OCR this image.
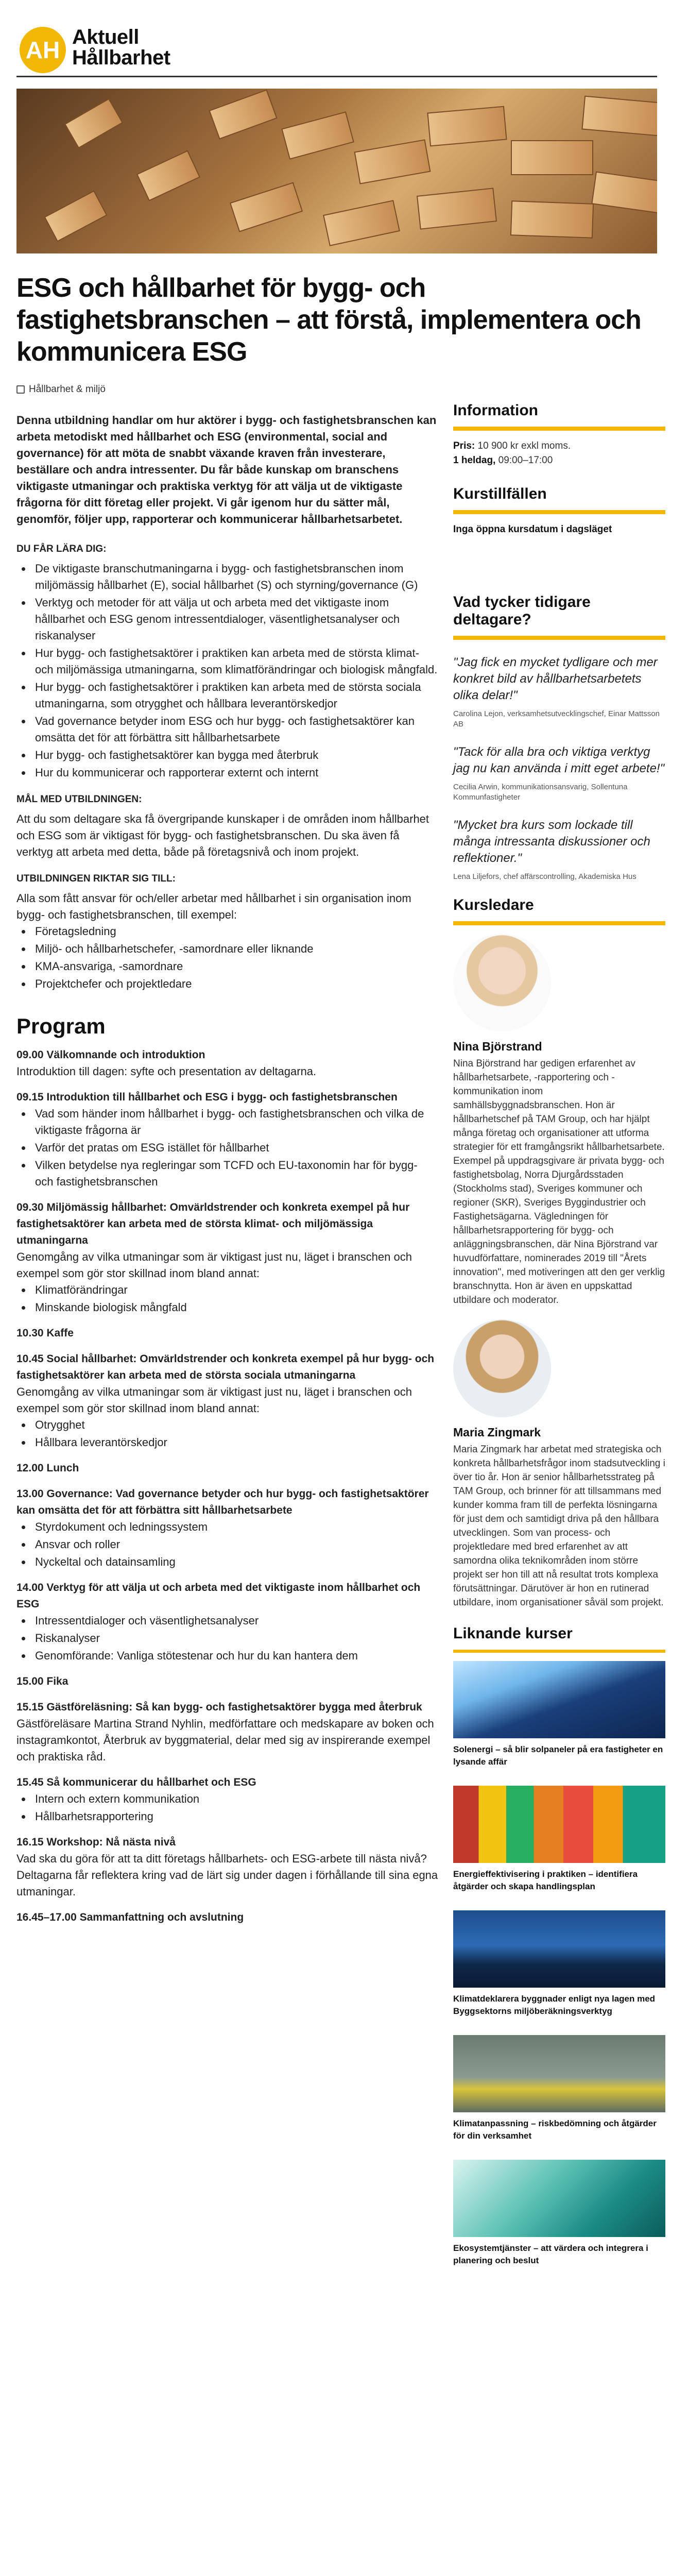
AH Aktuell
Hållbarhet
ESG och hållbarhet för bygg- och fastighetsbranschen – att förstå, implementera och kommunicera ESG
Hållbarhet & miljö

Denna utbildning handlar om hur aktörer i bygg- och fastighetsbranschen kan arbeta metodiskt med hållbarhet och ESG (environmental, social and governance) för att möta de snabbt växande kraven från investerare, beställare och andra intressenter. Du får både kunskap om branschens viktigaste utmaningar och praktiska verktyg för att välja ut de viktigaste frågorna för ditt företag eller projekt. Vi går igenom hur du sätter mål, genomför, följer upp, rapporterar och kommunicerar hållbarhetsarbetet.

DU FÅR LÄRA DIG:
• De viktigaste branschutmaningarna i bygg- och fastighetsbranschen inom miljömässig hållbarhet (E), social hållbarhet (S) och styrning/governance (G)
• Verktyg och metoder för att välja ut och arbeta med det viktigaste inom hållbarhet och ESG genom intressentdialoger, väsentlighetsanalyser och riskanalyser
• Hur bygg- och fastighetsaktörer i praktiken kan arbeta med de största klimat- och miljömässiga utmaningarna, som klimatförändringar och biologisk mångfald.
• Hur bygg- och fastighetsaktörer i praktiken kan arbeta med de största sociala utmaningarna, som otrygghet och hållbara leverantörskedjor
• Vad governance betyder inom ESG och hur bygg- och fastighetsaktörer kan omsätta det för att förbättra sitt hållbarhetsarbete
• Hur bygg- och fastighetsaktörer kan bygga med återbruk
• Hur du kommunicerar och rapporterar externt och internt
MÅL MED UTBILDNINGEN:

Att du som deltagare ska få övergripande kunskaper i de områden inom hållbarhet och ESG som är viktigast för bygg- och fastighetsbranschen. Du ska även få verktyg att arbeta med detta, både på företagsnivå och inom projekt.

UTBILDNINGEN RIKTAR SIG TILL:

Alla som fått ansvar för och/eller arbetar med hållbarhet i sin organisation inom bygg- och fastighetsbranschen, till exempel:

• Företagsledning
• Miljö- och hållbarhetschefer, -samordnare eller liknande
• KMA-ansvariga, -samordnare
• Projektchefer och projektledare
Program
09.00 Välkomnande och introduktion

Introduktion till dagen: syfte och presentation av deltagarna.

09.15 Introduktion till hållbarhet och ESG i bygg- och fastighetsbranschen
• Vad som händer inom hållbarhet i bygg- och fastighetsbranschen och vilka de viktigaste frågorna är
• Varför det pratas om ESG istället för hållbarhet
• Vilken betydelse nya regleringar som TCFD och EU-taxonomin har för bygg- och fastighetsbranschen
09.30 Miljömässig hållbarhet: Omvärldstrender och konkreta exempel på hur fastighetsaktörer kan arbeta med de största klimat- och miljömässiga utmaningarna

Genomgång av vilka utmaningar som är viktigast just nu, läget i branschen och exempel som gör stor skillnad inom bland annat:

• Klimatförändringar
• Minskande biologisk mångfald
10.30 Kaffe
10.45 Social hållbarhet: Omvärldstrender och konkreta exempel på hur bygg- och fastighetsaktörer kan arbeta med de största sociala utmaningarna

Genomgång av vilka utmaningar som är viktigast just nu, läget i branschen och exempel som gör stor skillnad inom bland annat:

• Otrygghet
• Hållbara leverantörskedjor
12.00 Lunch
13.00 Governance: Vad governance betyder och hur bygg- och fastighetsaktörer kan omsätta det för att förbättra sitt hållbarhetsarbete
• Styrdokument och ledningssystem
• Ansvar och roller
• Nyckeltal och datainsamling
14.00 Verktyg för att välja ut och arbeta med det viktigaste inom hållbarhet och ESG
• Intressentdialoger och väsentlighetsanalyser
• Riskanalyser
• Genomförande: Vanliga stötestenar och hur du kan hantera dem
15.00 Fika
15.15 Gästföreläsning: Så kan bygg- och fastighetsaktörer bygga med återbruk

Gästföreläsare Martina Strand Nyhlin, medförfattare och medskapare av boken och instagramkontot, Återbruk av byggmaterial, delar med sig av inspirerande exempel och praktiska råd.

15.45 Så kommunicerar du hållbarhet och ESG
• Intern och extern kommunikation
• Hållbarhetsrapportering
16.15 Workshop: Nå nästa nivå

Vad ska du göra för att ta ditt företags hållbarhets- och ESG-arbete till nästa nivå? Deltagarna får reflektera kring vad de lärt sig under dagen i förhållande till sina egna utmaningar.

16.45–17.00 Sammanfattning och avslutning
Information
Pris: 10 900 kr exkl moms.
1 heldag, 09:00–17:00
Kurstillfällen
Inga öppna kursdatum i dagsläget
Vad tycker tidigare deltagare?
"Jag fick en mycket tydligare och mer konkret bild av hållbarhetsarbetets olika delar!"
Carolina Lejon, verksamhetsutvecklingschef, Einar Mattsson AB
"Tack för alla bra och viktiga verktyg jag nu kan använda i mitt eget arbete!"
Cecilia Arwin, kommunikationsansvarig, Sollentuna Kommunfastigheter
"Mycket bra kurs som lockade till många intressanta diskussioner och reflektioner."
Lena Liljefors, chef affärscontrolling, Akademiska Hus
Kursledare
Nina Björstrand
Nina Björstrand har gedigen erfarenhet av hållbarhetsarbete, -rapportering och -kommunikation inom samhällsbyggnadsbranschen. Hon är hållbarhetschef på TAM Group, och har hjälpt många företag och organisationer att utforma strategier för ett framgångsrikt hållbarhetsarbete. Exempel på uppdragsgivare är privata bygg- och fastighetsbolag, Norra Djurgårdsstaden (Stockholms stad), Sveriges kommuner och regioner (SKR), Sveriges Byggindustrier och Fastighetsägarna. Vägledningen för hållbarhetsrapportering för bygg- och anläggningsbranschen, där Nina Björstrand var huvudförfattare, nominerades 2019 till "Årets innovation", med motiveringen att den ger verklig branschnytta. Hon är även en uppskattad utbildare och moderator.
Maria Zingmark
Maria Zingmark har arbetat med strategiska och konkreta hållbarhetsfrågor inom stadsutveckling i över tio år. Hon är senior hållbarhetsstrateg på TAM Group, och brinner för att tillsammans med kunder komma fram till de perfekta lösningarna för just dem och samtidigt driva på den hållbara utvecklingen. Som van process- och projektledare med bred erfarenhet av att samordna olika teknikområden inom större projekt ser hon till att nå resultat trots komplexa förutsättningar. Därutöver är hon en rutinerad utbildare, inom organisationer såväl som projekt.
Liknande kurser
Solenergi – så blir solpaneler på era fastigheter en lysande affär
Energieffektivisering i praktiken – identifiera åtgärder och skapa handlingsplan
Klimatdeklarera byggnader enligt nya lagen med Byggsektorns miljöberäkningsverktyg
Klimatanpassning – riskbedömning och åtgärder för din verksamhet
Ekosystemtjänster – att värdera och integrera i planering och beslut
